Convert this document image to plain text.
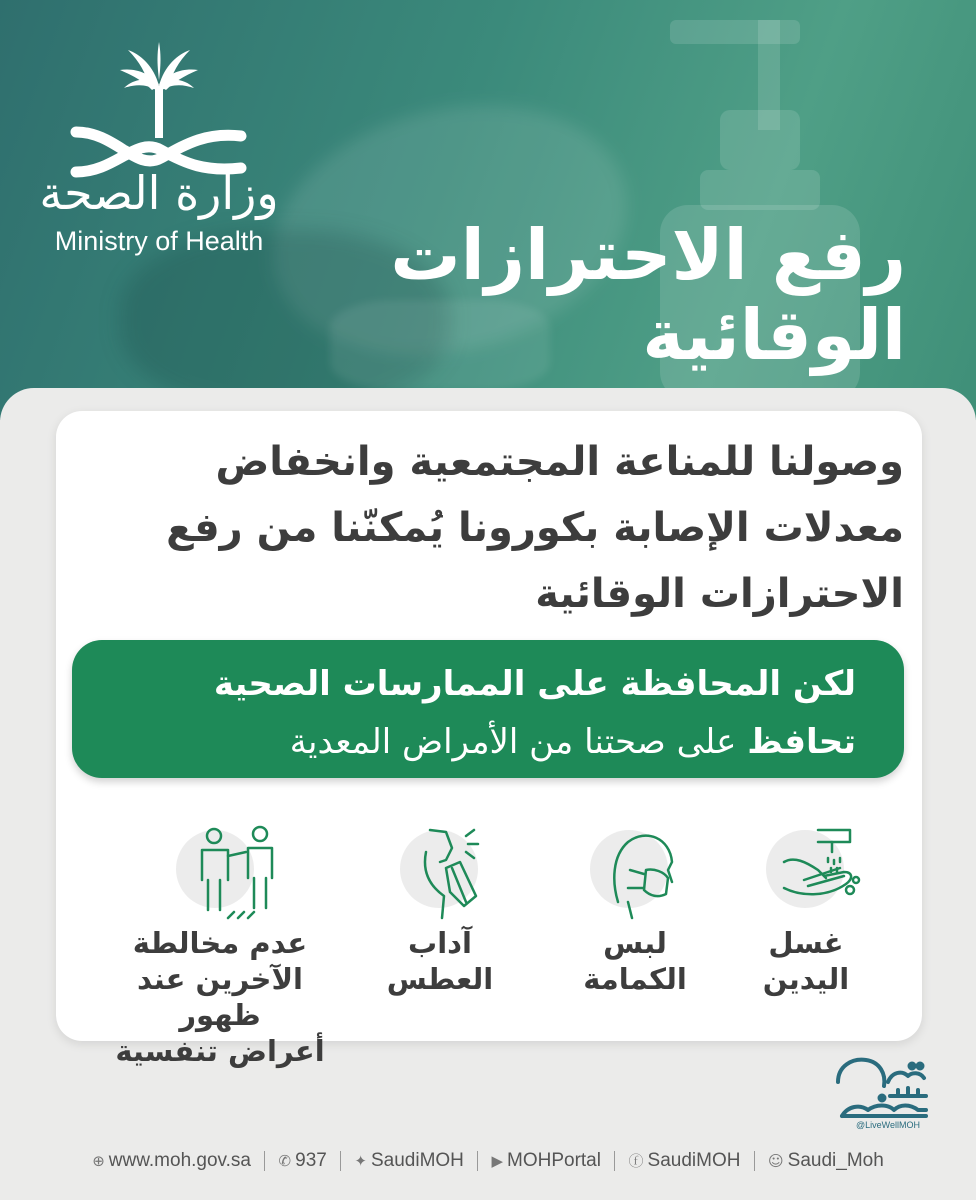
وزارة الصحة
Ministry of Health	رفع الاحترازات
الوقائية
وصولنا للمناعة المجتمعية وانخفاض
معدلات الإصابة بكورونا يُمكنّنا من رفع
الاحترازات الوقائية
لكن المحافظة على الممارسات الصحية
تحافظ على صحتنا من الأمراض المعدية
غسل
اليدين
لبس
الكمامة
آداب
العطس
عدم مخالطة
الآخرين عند ظهور
أعراض تنفسية
@LiveWellMOH
⊕ www.moh.gov.sa ✆ 937 ✦ SaudiMOH ▶ MOHPortal ⓕ SaudiMOH ☺ Saudi_Moh
